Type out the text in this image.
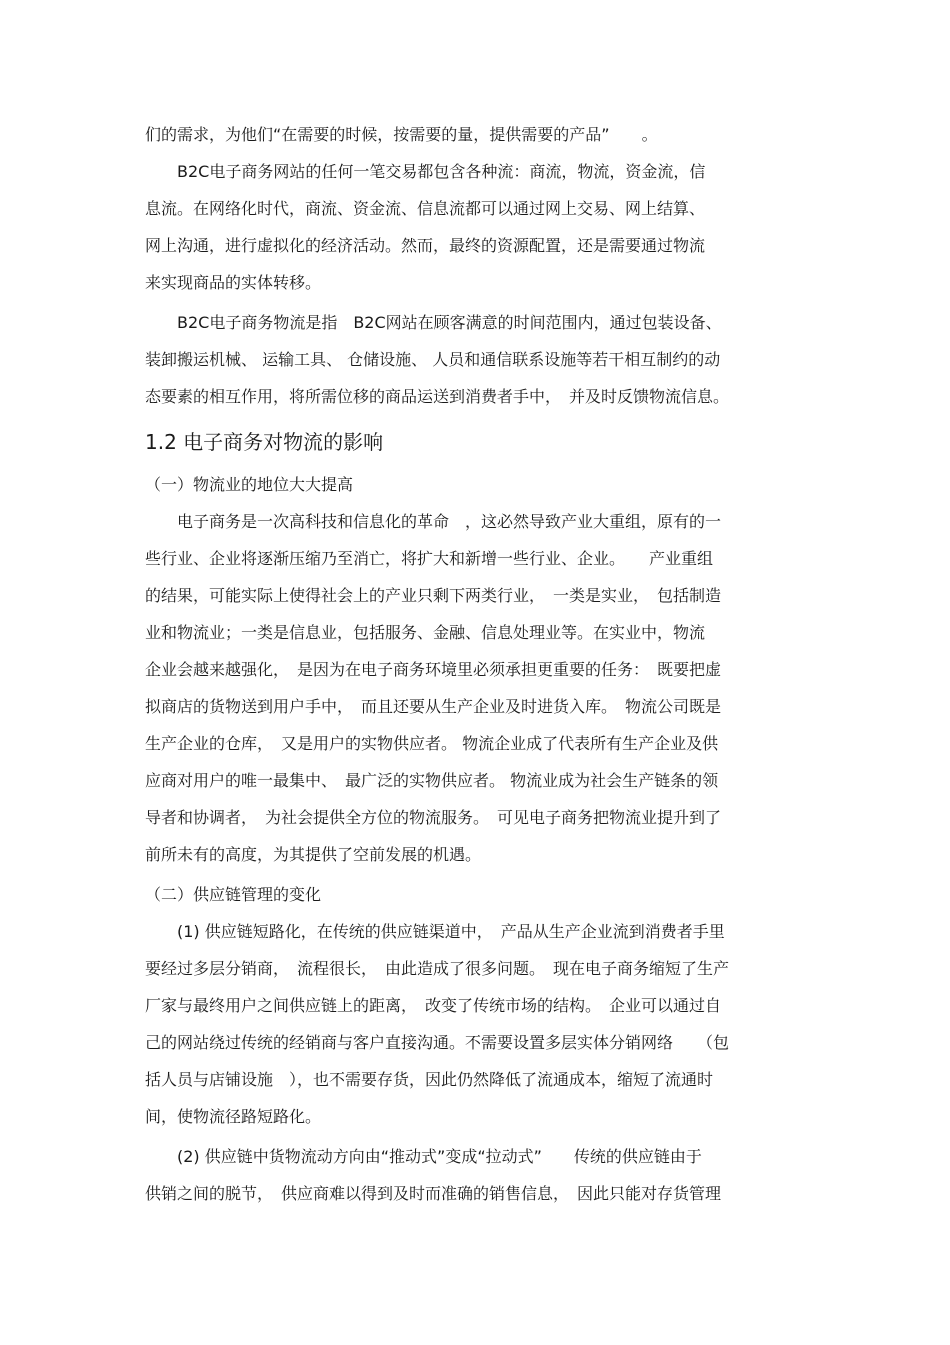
们的需求，为他们“在需要的时候，按需要的量，提供需要的产品”　　。
　　B2C电子商务网站的任何一笔交易都包含各种流：商流，物流，资金流，信
息流。在网络化时代，商流、资金流、信息流都可以通过网上交易、网上结算、
网上沟通，进行虚拟化的经济活动。然而，最终的资源配置，还是需要通过物流
来实现商品的实体转移。
　　B2C电子商务物流是指　B2C网站在顾客满意的时间范围内，通过包装设备、
装卸搬运机械、 运输工具、 仓储设施、 人员和通信联系设施等若干相互制约的动
态要素的相互作用，将所需位移的商品运送到消费者手中，　并及时反馈物流信息。
1.2 电子商务对物流的影响
（一）物流业的地位大大提高
　　电子商务是一次高科技和信息化的革命　，这必然导致产业大重组，原有的一
些行业、企业将逐渐压缩乃至消亡，将扩大和新增一些行业、企业。　　产业重组
的结果，可能实际上使得社会上的产业只剩下两类行业，　一类是实业，　包括制造
业和物流业；一类是信息业，包括服务、金融、信息处理业等。在实业中，物流
企业会越来越强化，　是因为在电子商务环境里必须承担更重要的任务：　既要把虚
拟商店的货物送到用户手中，　而且还要从生产企业及时进货入库。　物流公司既是
生产企业的仓库，　又是用户的实物供应者。 物流企业成了代表所有生产企业及供
应商对用户的唯一最集中、　最广泛的实物供应者。 物流业成为社会生产链条的领
导者和协调者，　为社会提供全方位的物流服务。　可见电子商务把物流业提升到了
前所未有的高度，为其提供了空前发展的机遇。
（二）供应链管理的变化
　　(1) 供应链短路化，在传统的供应链渠道中，　产品从生产企业流到消费者手里
要经过多层分销商，　流程很长，　由此造成了很多问题。　现在电子商务缩短了生产
厂家与最终用户之间供应链上的距离，　改变了传统市场的结构。　企业可以通过自
己的网站绕过传统的经销商与客户直接沟通。不需要设置多层实体分销网络　　（包
括人员与店铺设施　），也不需要存货，因此仍然降低了流通成本，缩短了流通时
间，使物流径路短路化。
　　(2) 供应链中货物流动方向由“推动式”变成“拉动式”　　传统的供应链由于
供销之间的脱节，　供应商难以得到及时而准确的销售信息，　因此只能对存货管理
